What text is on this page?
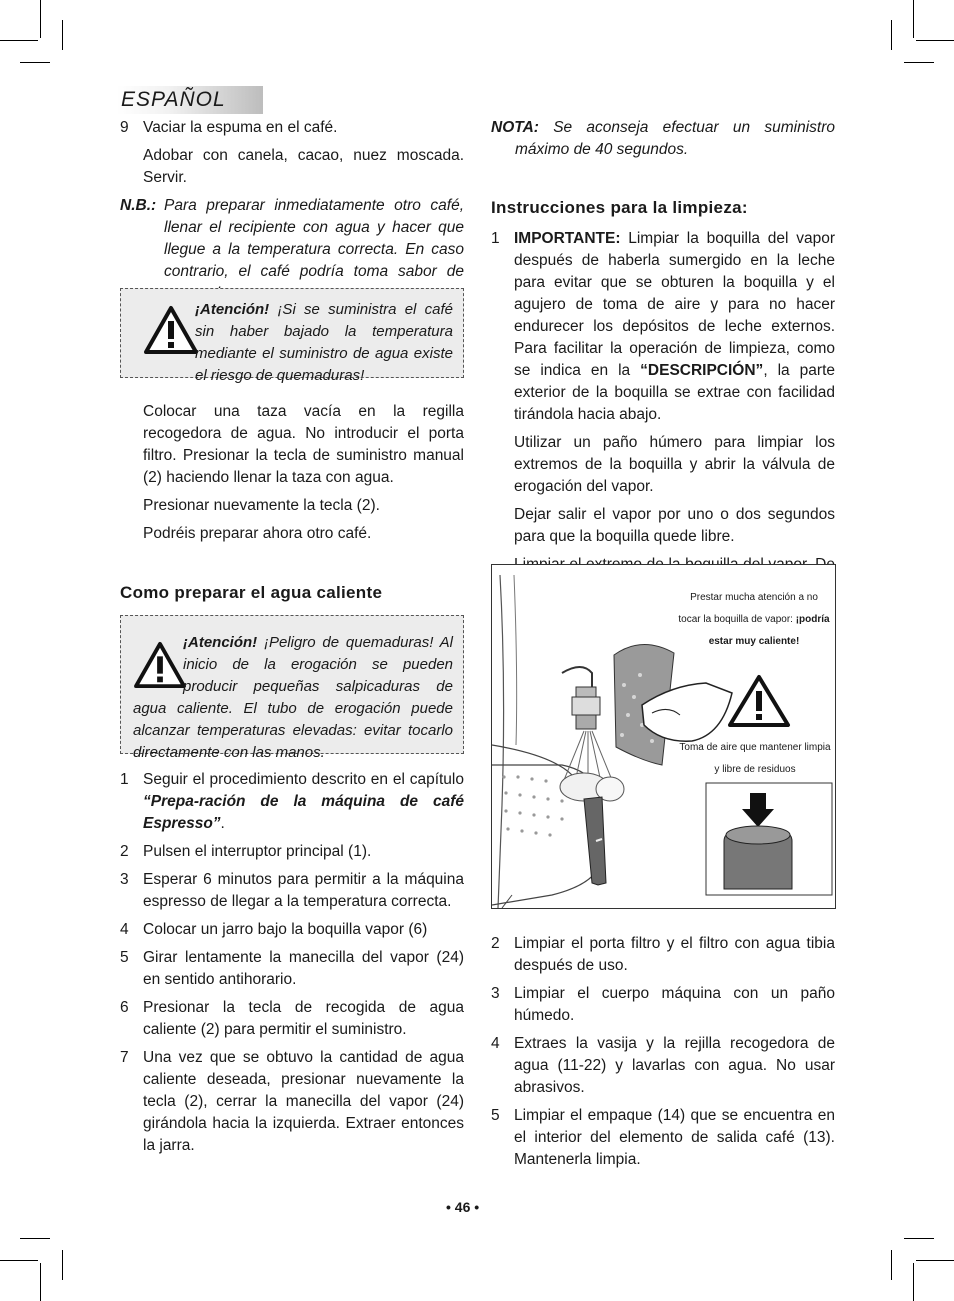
ESPAÑOL
9 Vaciar la espuma en el café.

Adobar con canela, cacao, nuez moscada. Servir.

N.B.: Para preparar inmediatamente otro café, llenar el recipiente con agua y hacer que llegue a la temperatura correcta. En caso contrario, el café podría toma sabor de

¡Atención! ¡Si se suministra el café sin haber bajado la temperatura mediante el suministro de agua existe el riesgo de quemaduras!

Colocar una taza vacía en la regilla recogedora de agua. No introducir el porta filtro. Presionar la tecla de suministro manual (2) haciendo llenar la taza con agua.

Presionar nuevamente la tecla (2).

Podréis preparar ahora otro café.

Como preparar el agua caliente
¡Atención! ¡Peligro de quemaduras! Al inicio de la erogación se pueden producir pequeñas salpicaduras de agua caliente. El tubo de erogación puede alcanzar temperaturas elevadas: evitar tocarlo directamente con las manos.
1 Seguir el procedimiento descrito en el capítulo “Prepa-ración de la máquina de café Espresso”.

2 Pulsen el interruptor principal (1).

3 Esperar 6 minutos para permitir a la máquina espresso de llegar a la temperatura correcta.

4 Colocar un jarro bajo la boquilla vapor (6)

5 Girar lentamente la manecilla del vapor (24) en sentido antihorario.

6 Presionar la tecla de recogida de agua caliente (2) para permitir el suministro.

7 Una vez que se obtuvo la cantidad de agua caliente deseada, presionar nuevamente la tecla (2), cerrar la manecilla del vapor (24) girándola hacia la izquierda. Extraer entonces la jarra.

NOTA: Se aconseja efectuar un suministro máximo de 40 segundos.
Instrucciones para la limpieza:
1 IMPORTANTE: Limpiar la boquilla del vapor después de haberla sumergido en la leche para evitar que se obturen la boquilla y el agujero de toma de aire y para no hacer endurecer los depósitos de leche externos. Para facilitar la operación de limpieza, como se indica en la “DESCRIPCIÓN”, la parte exterior de la boquilla se extrae con facilidad tirándola hacia abajo.

Utilizar un paño húmero para limpiar los extremos de la boquilla y abrir la válvula de erogación del vapor.

Dejar salir el vapor por uno o dos segundos para que la boquilla quede libre.

Prestar mucha atención a no tocar la boquilla de vapor: ¡podría estar muy caliente!
Toma de aire que mantener limpia y libre de residuos
2 Limpiar el porta filtro y el filtro con agua tibia después de uso.

3 Limpiar el cuerpo máquina con un paño húmedo.

4 Extraes la vasija y la rejilla recogedora de agua (11-22) y lavarlas con agua. No usar abrasivos.

5 Limpiar el empaque (14) que se encuentra en el interior del elemento de salida café (13). Mantenerla limpia.

• 46 •
